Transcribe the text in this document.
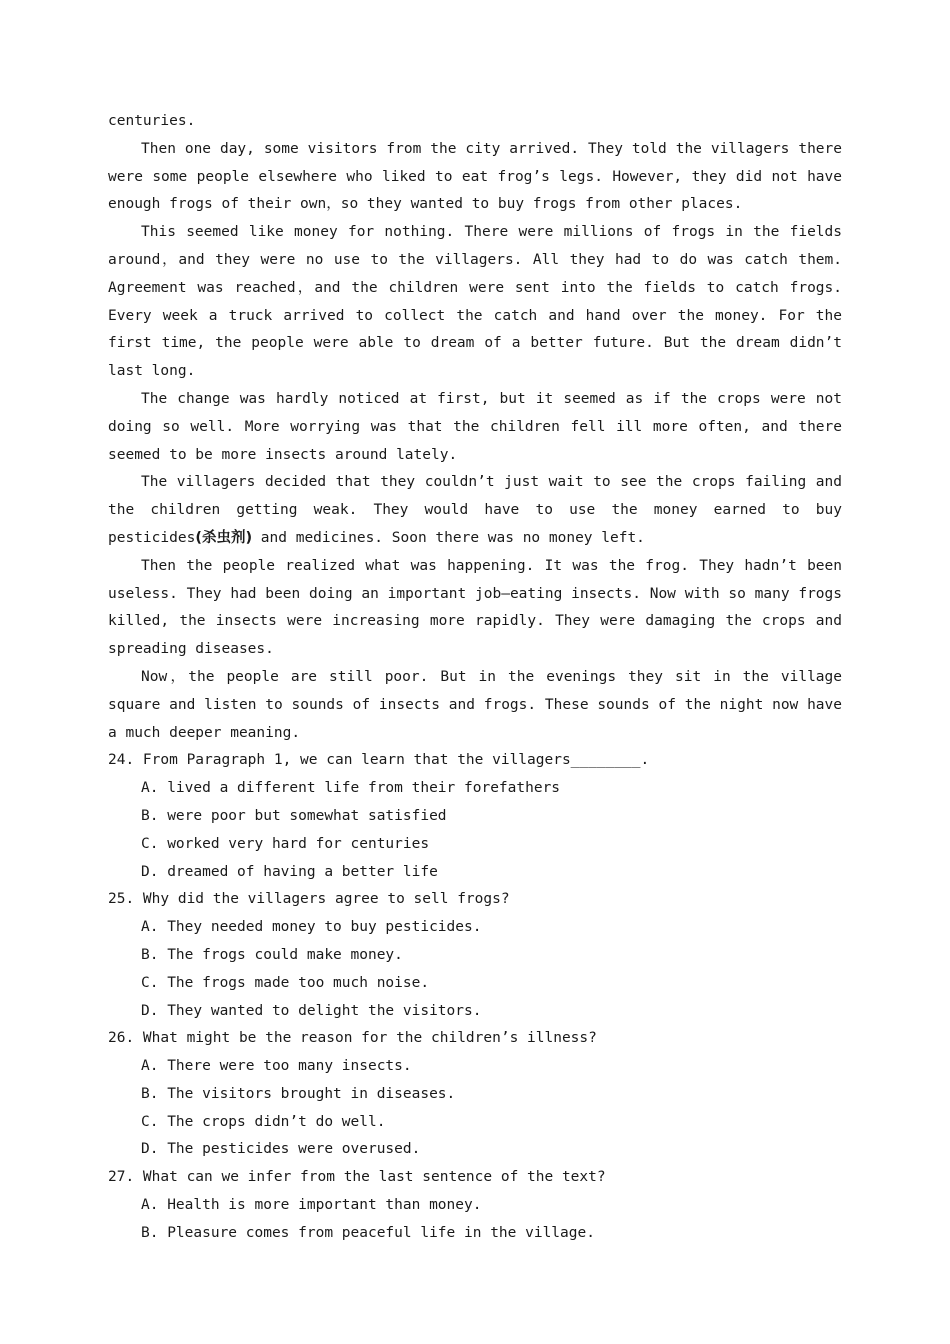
centuries.

Then one day, some visitors from the city arrived. They told the villagers there were some people elsewhere who liked to eat frog’s legs. However, they did not have enough frogs of their own，so they wanted to buy frogs from other places.

This seemed like money for nothing. There were millions of frogs in the fields around，and they were no use to the villagers. All they had to do was catch them. Agreement was reached，and the children were sent into the fields to catch frogs. Every week a truck arrived to collect the catch and hand over the money. For the first time, the people were able to dream of a better future. But the dream didn’t last long.

The change was hardly noticed at first, but it seemed as if the crops were not doing so well. More worrying was that the children fell ill more often, and there seemed to be more insects around lately.

The villagers decided that they couldn’t just wait to see the crops failing and the children getting weak. They would have to use the money earned to buy pesticides(杀虫剂) and medicines. Soon there was no money left.

Then the people realized what was happening. It was the frog. They hadn’t been useless. They had been doing an important job—eating insects. Now with so many frogs killed, the insects were increasing more rapidly. They were damaging the crops and spreading diseases.

Now，the people are still poor. But in the evenings they sit in the village square and listen to sounds of insects and frogs. These sounds of the night now have a much deeper meaning.

24. From Paragraph 1, we can learn that the villagers________.

A. lived a different life from their forefathers

B. were poor but somewhat satisfied

C. worked very hard for centuries

D. dreamed of having a better life

25. Why did the villagers agree to sell frogs?

A. They needed money to buy pesticides.

B. The frogs could make money.

C. The frogs made too much noise.

D. They wanted to delight the visitors.

26. What might be the reason for the children’s illness?

A. There were too many insects.

B. The visitors brought in diseases.

C. The crops didn’t do well.

D. The pesticides were overused.

27. What can we infer from the last sentence of the text?

A. Health is more important than money.

B. Pleasure comes from peaceful life in the village.
